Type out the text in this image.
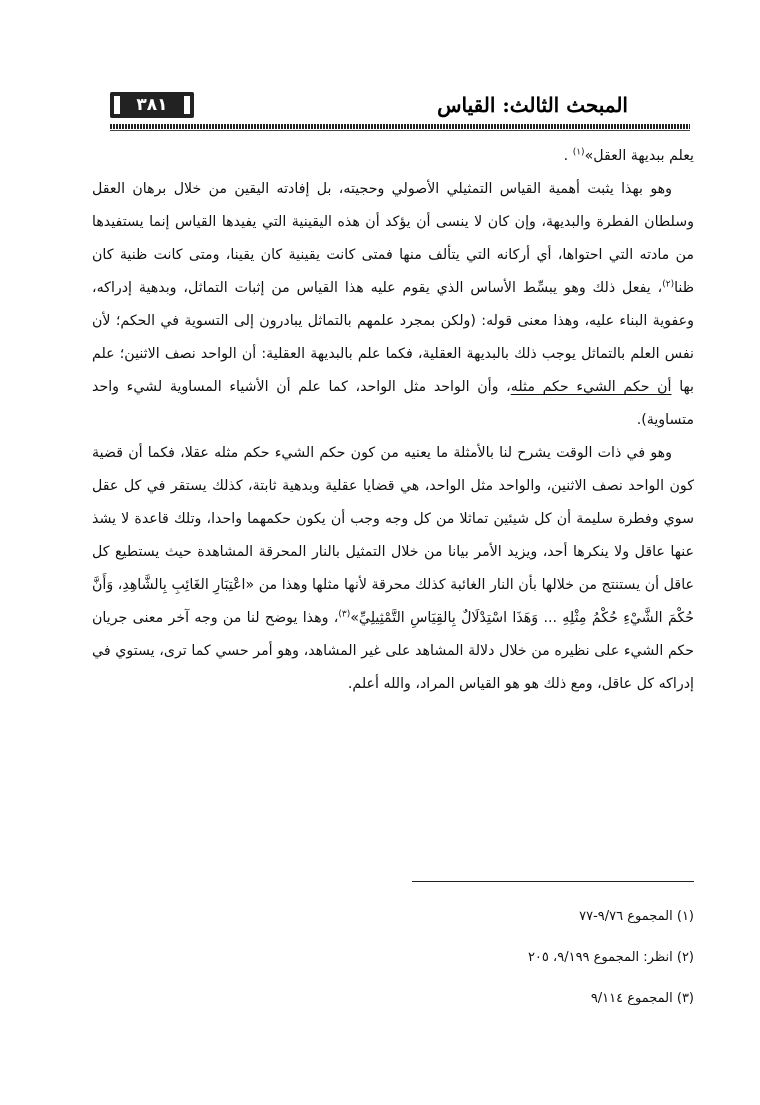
المبحث الثالث: القياس
٣٨١

يعلم ببديهة العقل»$^{(١)}$ .

وهو بهذا يثبت أهمية القياس التمثيلي الأصولي وحجيته، بل إفادته اليقين من خلال برهان العقل وسلطان الفطرة والبديهة، وإن كان لا ينسى أن يؤكد أن هذه اليقينية التي يفيدها القياس إنما يستفيدها من مادته التي احتواها، أي أركانه التي يتألف منها فمتى كانت يقينية كان يقينا، ومتى كانت ظنية كان ظنا$^{(٢)}$، يفعل ذلك وهو يبسِّط الأساس الذي يقوم عليه هذا القياس من إثبات التماثل، وبدهية إدراكه، وعفوية البناء عليه، وهذا معنى قوله: (ولكن بمجرد علمهم بالتماثل يبادرون إلى التسوية في الحكم؛ لأن نفس العلم بالتماثل يوجب ذلك بالبديهة العقلية، فكما علم بالبديهة العقلية: أن الواحد نصف الاثنين؛ علم بها أن حكم الشيء حكم مثله، وأن الواحد مثل الواحد، كما علم أن الأشياء المساوية لشيء واحد متساوية).

وهو في ذات الوقت يشرح لنا بالأمثلة ما يعنيه من كون حكم الشيء حكم مثله عقلا، فكما أن قضية كون الواحد نصف الاثنين، والواحد مثل الواحد، هي قضايا عقلية وبدهية ثابتة، كذلك يستقر في كل عقل سوي وفطرة سليمة أن كل شيئين تماثلا من كل وجه وجب أن يكون حكمهما واحدا، وتلك قاعدة لا يشذ عنها عاقل ولا ينكرها أحد، ويزيد الأمر بيانا من خلال التمثيل بالنار المحرقة المشاهدة حيث يستطيع كل عاقل أن يستنتج من خلالها بأن النار الغائبة كذلك محرقة لأنها مثلها وهذا من «اعْتِبَارِ الغَائِبِ بِالشَّاهِدِ، وَأَنَّ حُكْمَ الشَّيْءِ حُكْمُ مِثْلِهِ ... وَهَذَا اسْتِدْلَالٌ بِالقِيَاسِ التَّمْثِيلِيِّ»$^{(٣)}$، وهذا يوضح لنا من وجه آخر معنى جريان حكم الشيء على نظيره من خلال دلالة المشاهد على غير المشاهد، وهو أمر حسي كما ترى، يستوي في إدراكه كل عاقل، ومع ذلك هو هو القياس المراد، والله أعلم.

(١) المجموع ٩/٧٦-٧٧

(٢) انظر: المجموع ٩/١٩٩، ٢٠٥

(٣) المجموع ٩/١١٤
